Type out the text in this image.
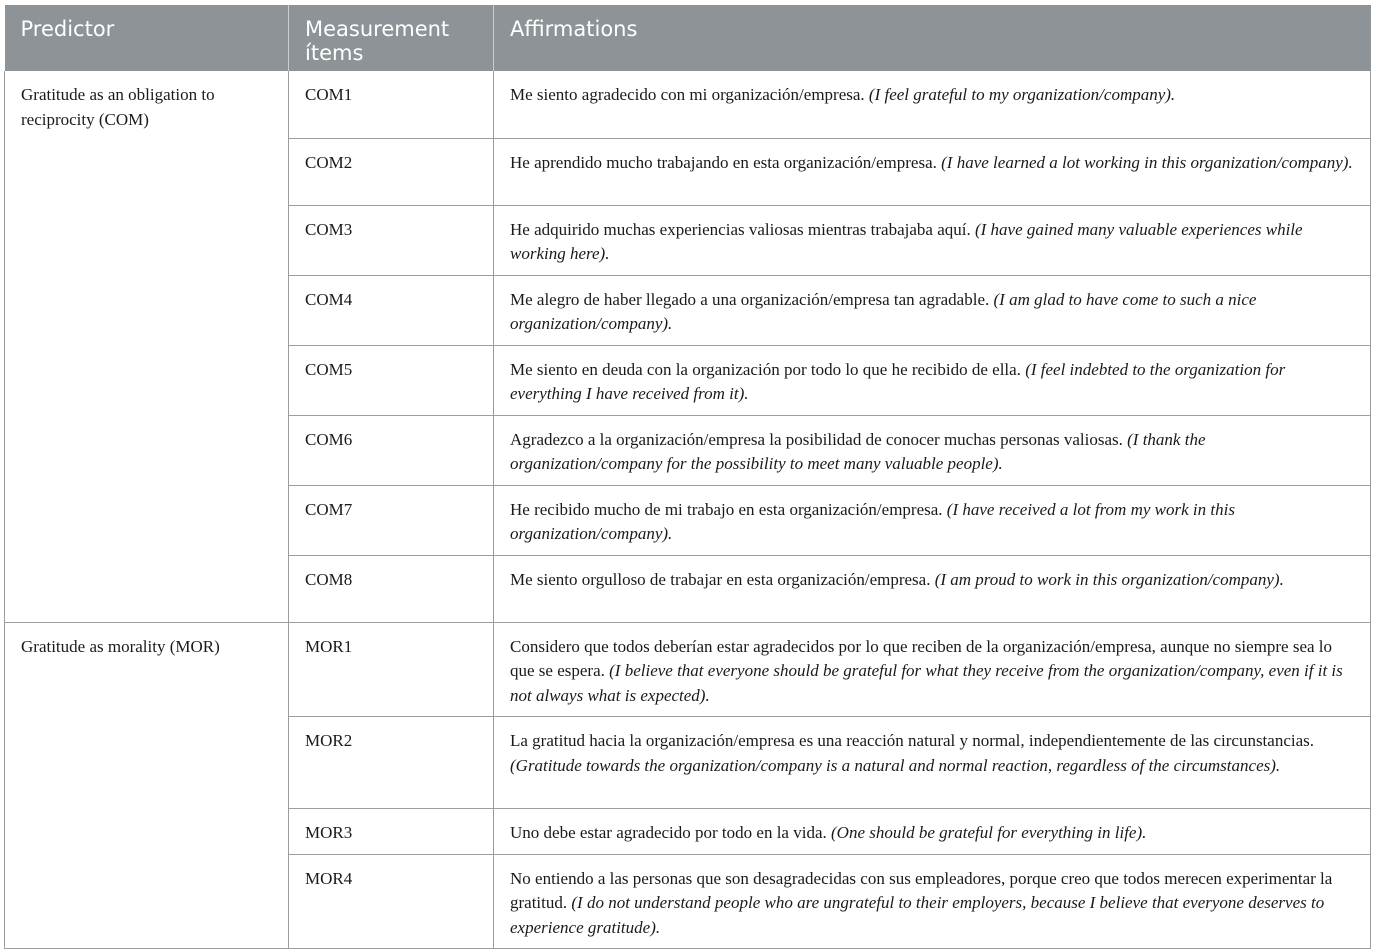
Predictor	Measurement ítems	Affirmations
Gratitude as an obligation to reciprocity (COM)	COM1	Me siento agradecido con mi organización/empresa. (I feel grateful to my organization/company).
	COM2	He aprendido mucho trabajando en esta organización/empresa. (I have learned a lot working in this organization/company).
	COM3	He adquirido muchas experiencias valiosas mientras trabajaba aquí. (I have gained many valuable experiences while working here).
	COM4	Me alegro de haber llegado a una organización/empresa tan agradable. (I am glad to have come to such a nice organization/company).
	COM5	Me siento en deuda con la organización por todo lo que he recibido de ella. (I feel indebted to the organization for everything I have received from it).
	COM6	Agradezco a la organización/empresa la posibilidad de conocer muchas personas valiosas. (I thank the organization/company for the possibility to meet many valuable people).
	COM7	He recibido mucho de mi trabajo en esta organización/empresa. (I have received a lot from my work in this organization/company).
	COM8	Me siento orgulloso de trabajar en esta organización/empresa. (I am proud to work in this organization/company).
Gratitude as morality (MOR)	MOR1	Considero que todos deberían estar agradecidos por lo que reciben de la organización/empresa, aunque no siempre sea lo que se espera. (I believe that everyone should be grateful for what they receive from the organization/company, even if it is not always what is expected).
	MOR2	La gratitud hacia la organización/empresa es una reacción natural y normal, independientemente de las circunstancias. (Gratitude towards the organization/company is a natural and normal reaction, regardless of the circumstances).
	MOR3	Uno debe estar agradecido por todo en la vida. (One should be grateful for everything in life).
	MOR4	No entiendo a las personas que son desagradecidas con sus empleadores, porque creo que todos merecen experimentar la gratitud. (I do not understand people who are ungrateful to their employers, because I believe that everyone deserves to experience gratitude).
